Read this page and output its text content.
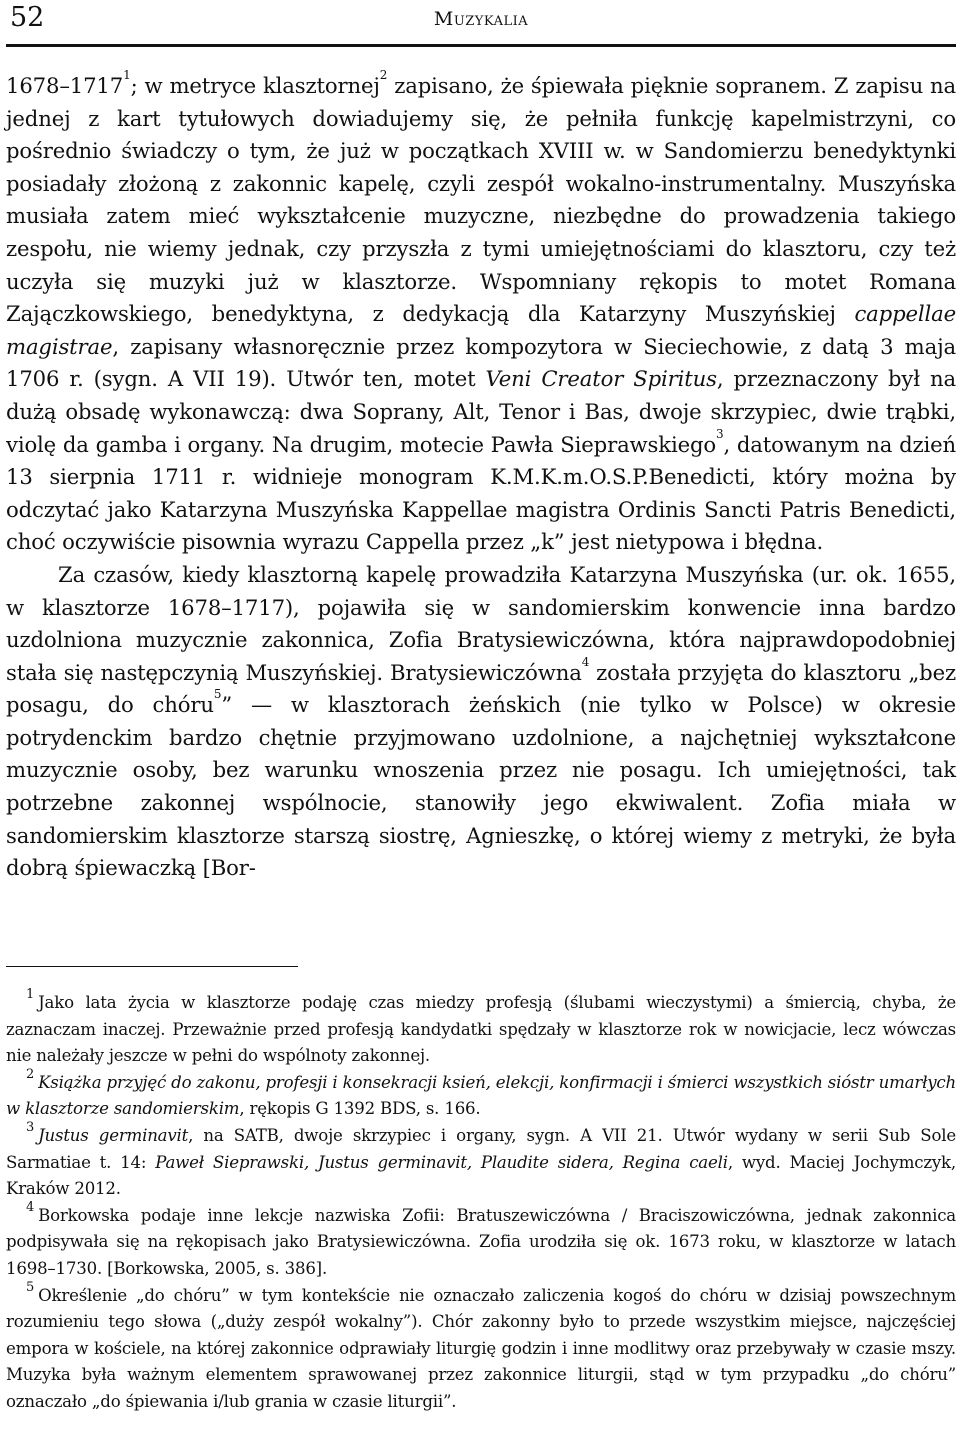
52	Muzykalia

1678–1717$^1$; w metryce klasztornej$^2$ zapisano, że śpiewała pięknie sopranem. Z zapisu na jednej z kart tytułowych dowiadujemy się, że pełniła funkcję kapelmistrzyni, co pośrednio świadczy o tym, że już w początkach XVIII w. w Sandomierzu benedyktynki posiadały złożoną z zakonnic kapelę, czyli zespół wokalno-instrumentalny. Muszyńska musiała zatem mieć wykształcenie muzyczne, niezbędne do prowadzenia takiego zespołu, nie wiemy jednak, czy przyszła z tymi umiejętnościami do klasztoru, czy też uczyła się muzyki już w klasztorze. Wspomniany rękopis to motet Romana Zajączkowskiego, benedyktyna, z dedykacją dla Katarzyny Muszyńskiej cappellae magistrae, zapisany własnoręcznie przez kompozytora w Sieciechowie, z datą 3 maja 1706 r. (sygn. A VII 19). Utwór ten, motet Veni Creator Spiritus, przeznaczony był na dużą obsadę wykonawczą: dwa Soprany, Alt, Tenor i Bas, dwoje skrzypiec, dwie trąbki, violę da gamba i organy. Na drugim, motecie Pawła Sieprawskiego$^3$, datowanym na dzień 13 sierpnia 1711 r. widnieje monogram K.M.K.m.O.S.P.Benedicti, który można by odczytać jako Katarzyna Muszyńska Kappellae magistra Ordinis Sancti Patris Benedicti, choć oczywiście pisownia wyrazu Cappella przez „k” jest nietypowa i błędna.

Za czasów, kiedy klasztorną kapelę prowadziła Katarzyna Muszyńska (ur. ok. 1655, w klasztorze 1678–1717), pojawiła się w sandomierskim konwencie inna bardzo uzdolniona muzycznie zakonnica, Zofia Bratysiewiczówna, która najprawdopodobniej stała się następczynią Muszyńskiej. Bratysiewiczówna$^4$ została przyjęta do klasztoru „bez posagu, do chóru$^5$” — w klasztorach żeńskich (nie tylko w Polsce) w okresie potrydenckim bardzo chętnie przyjmowano uzdolnione, a najchętniej wykształcone muzycznie osoby, bez warunku wnoszenia przez nie posagu. Ich umiejętności, tak potrzebne zakonnej wspólnocie, stanowiły jego ekwiwalent. Zofia miała w sandomierskim klasztorze starszą siostrę, Agnieszkę, o której wiemy z metryki, że była dobrą śpiewaczką [Bor-

$^1$ Jako lata życia w klasztorze podaję czas miedzy profesją (ślubami wieczystymi) a śmiercią, chyba, że zaznaczam inaczej. Przeważnie przed profesją kandydatki spędzały w klasztorze rok w nowicjacie, lecz wówczas nie należały jeszcze w pełni do wspólnoty zakonnej.

$^2$ Książka przyjęć do zakonu, profesji i konsekracji ksień, elekcji, konfirmacji i śmierci wszystkich sióstr umarłych w klasztorze sandomierskim, rękopis G 1392 BDS, s. 166.

$^3$ Justus germinavit, na SATB, dwoje skrzypiec i organy, sygn. A VII 21. Utwór wydany w serii Sub Sole Sarmatiae t. 14: Paweł Sieprawski, Justus germinavit, Plaudite sidera, Regina caeli, wyd. Maciej Jochymczyk, Kraków 2012.

$^4$ Borkowska podaje inne lekcje nazwiska Zofii: Bratuszewiczówna / Braciszowiczówna, jednak zakonnica podpisywała się na rękopisach jako Bratysiewiczówna. Zofia urodziła się ok. 1673 roku, w klasztorze w latach 1698–1730. [Borkowska, 2005, s. 386].

$^5$ Określenie „do chóru” w tym kontekście nie oznaczało zaliczenia kogoś do chóru w dzisiaj powszechnym rozumieniu tego słowa („duży zespół wokalny”). Chór zakonny było to przede wszystkim miejsce, najczęściej empora w kościele, na której zakonnice odprawiały liturgię godzin i inne modlitwy oraz przebywały w czasie mszy. Muzyka była ważnym elementem sprawowanej przez zakonnice liturgii, stąd w tym przypadku „do chóru” oznaczało „do śpiewania i/lub grania w czasie liturgii”.
